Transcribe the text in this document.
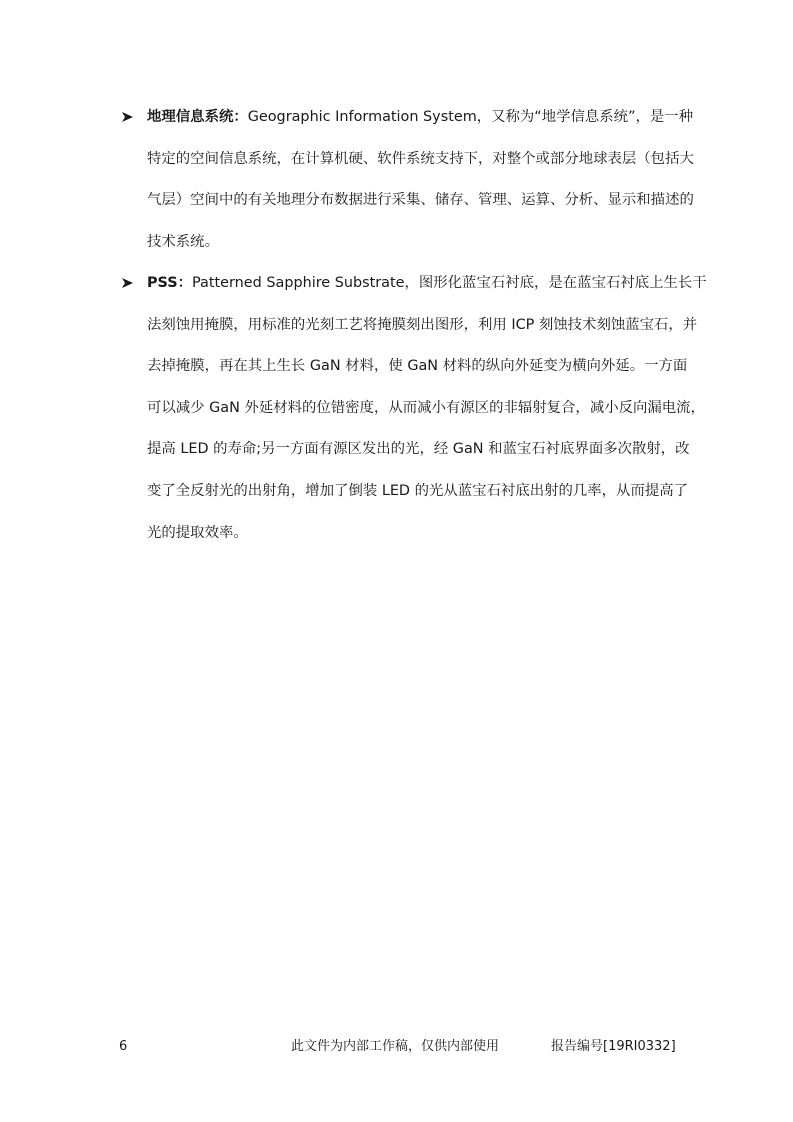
地理信息系统：Geographic Information System，又称为“地学信息系统”，是一种
特定的空间信息系统，在计算机硬、软件系统支持下，对整个或部分地球表层（包括大
气层）空间中的有关地理分布数据进行采集、储存、管理、运算、分析、显示和描述的
技术系统。
PSS：Patterned Sapphire Substrate，图形化蓝宝石衬底，是在蓝宝石衬底上生长干
法刻蚀用掩膜，用标准的光刻工艺将掩膜刻出图形，利用 ICP 刻蚀技术刻蚀蓝宝石，并
去掉掩膜，再在其上生长 GaN 材料，使 GaN 材料的纵向外延变为横向外延。一方面
可以减少 GaN 外延材料的位错密度，从而减小有源区的非辐射复合，减小反向漏电流，
提高 LED 的寿命;另一方面有源区发出的光，经 GaN 和蓝宝石衬底界面多次散射，改
变了全反射光的出射角，增加了倒装 LED 的光从蓝宝石衬底出射的几率，从而提高了
光的提取效率。
6	此文件为内部工作稿，仅供内部使用	报告编号[19RI0332]
